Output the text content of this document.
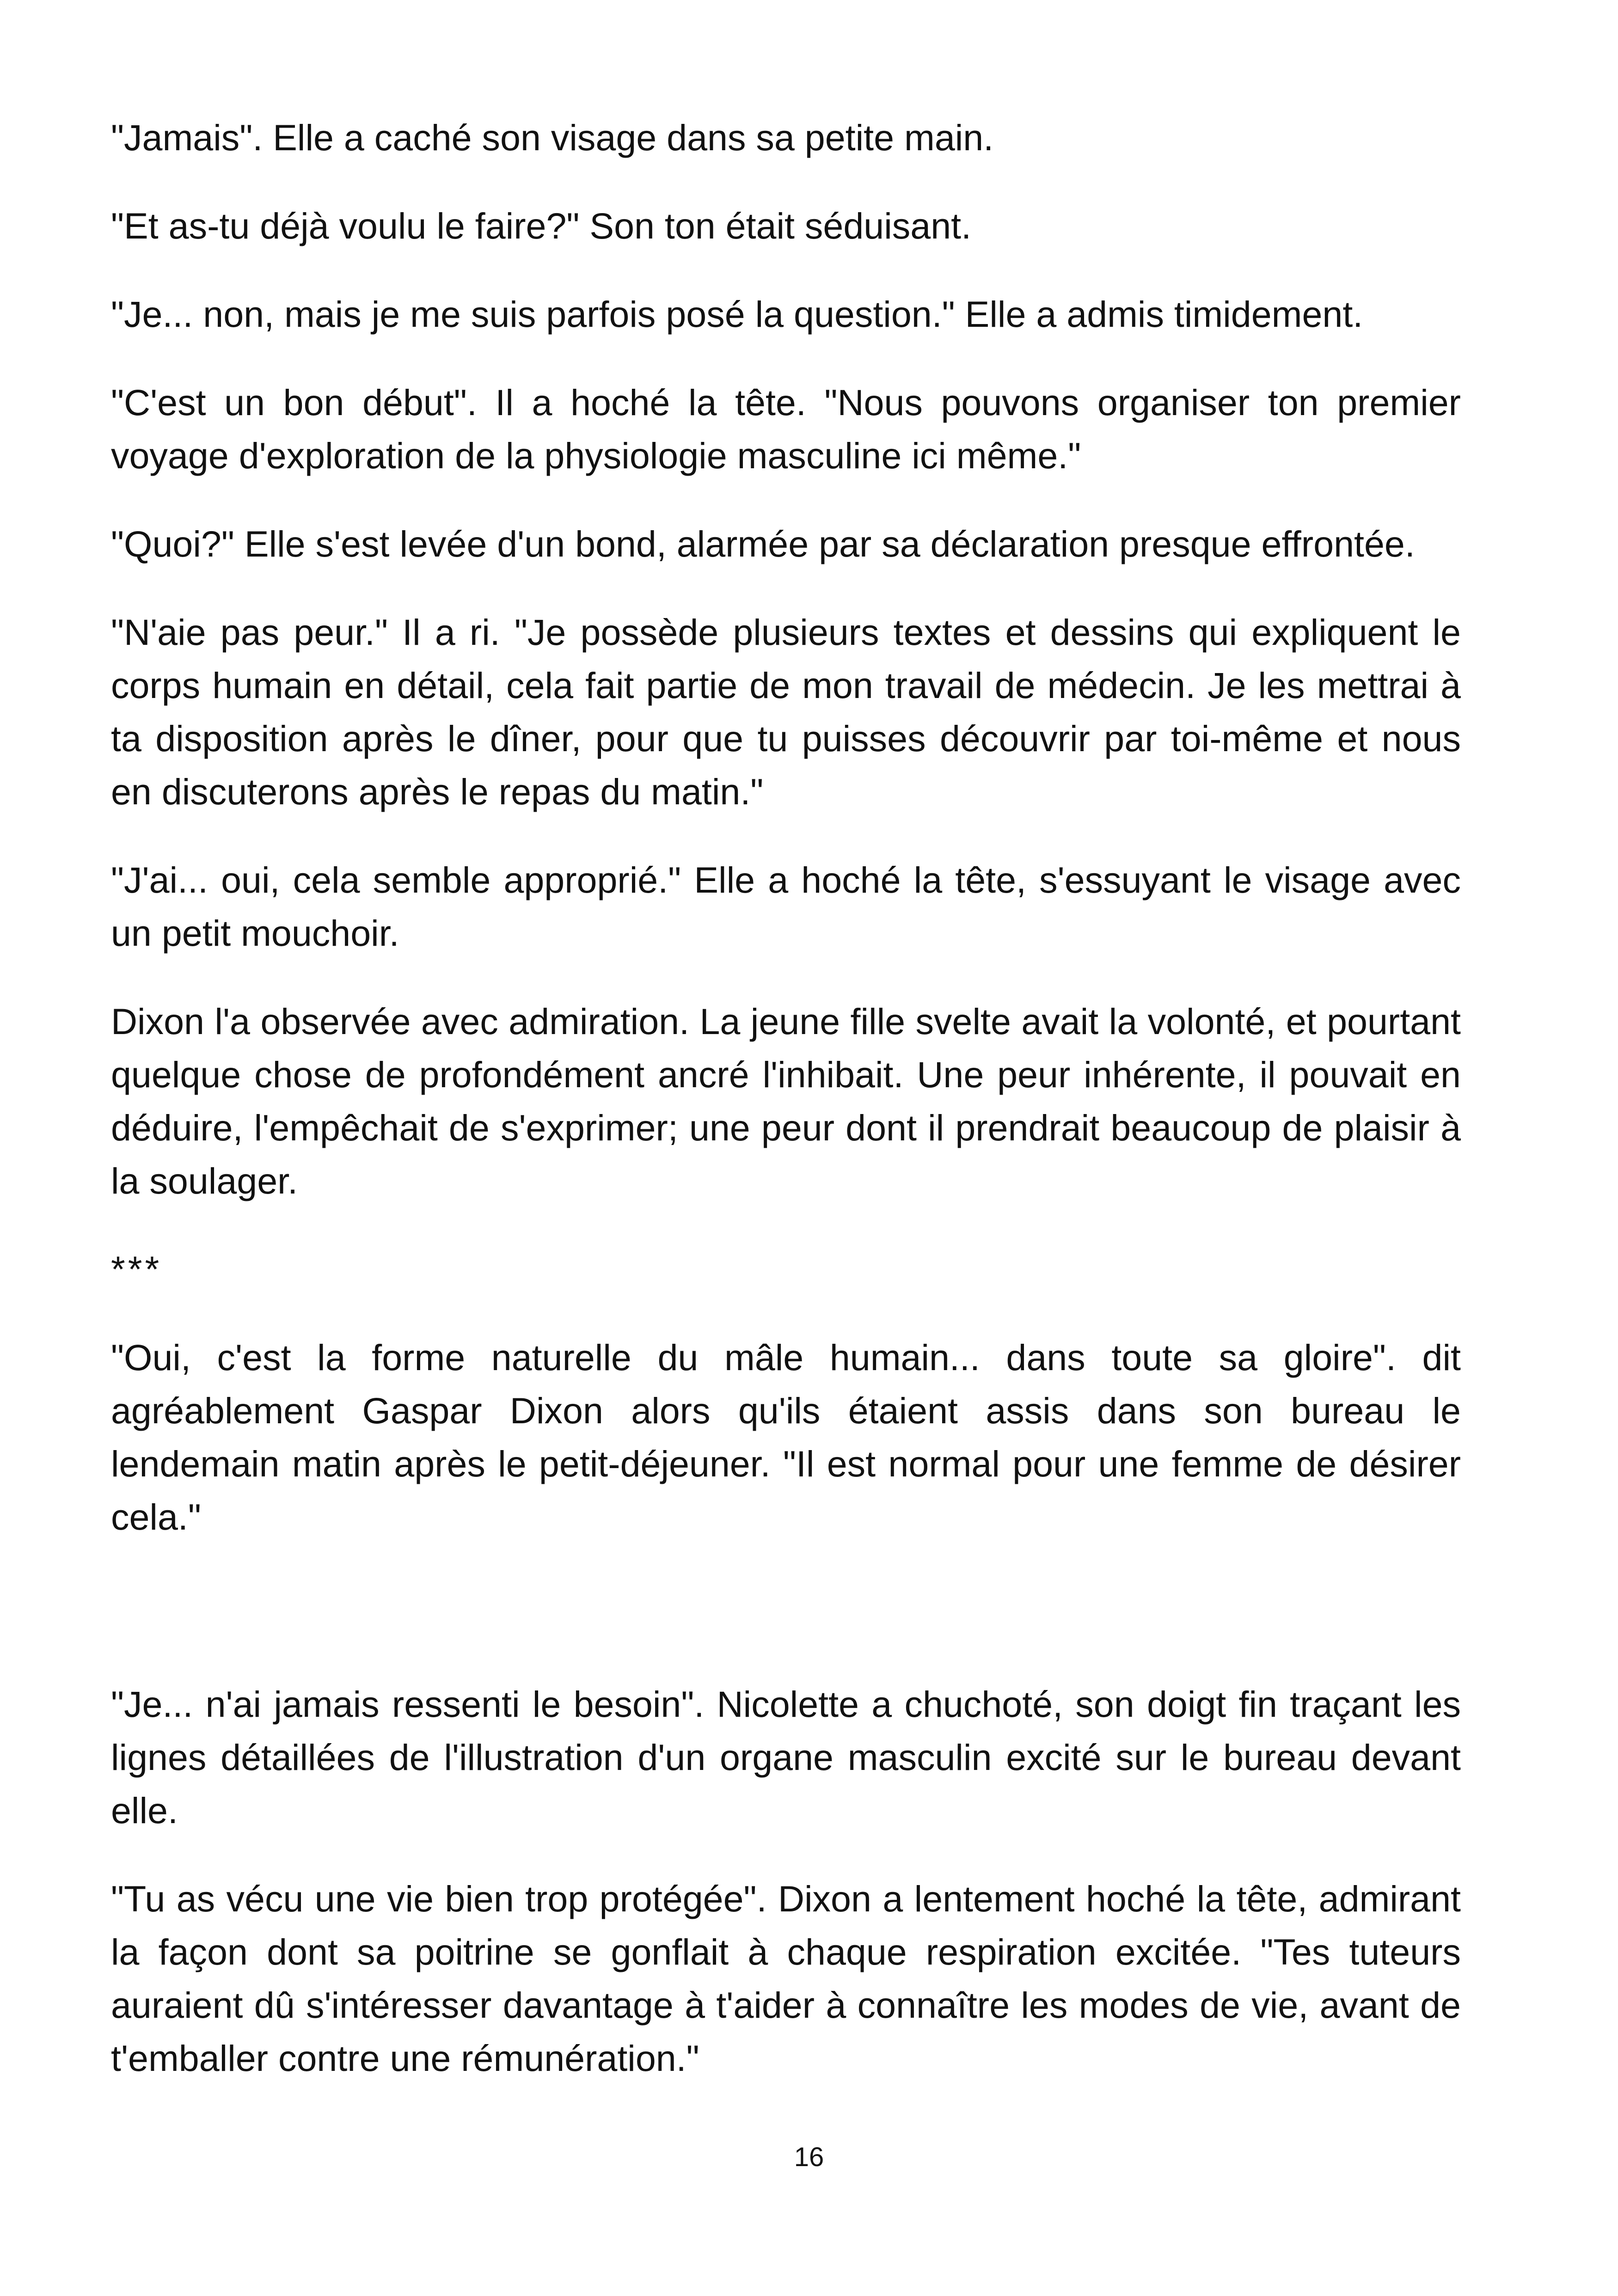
"Jamais". Elle a caché son visage dans sa petite main.

"Et as-tu déjà voulu le faire?" Son ton était séduisant.

"Je... non, mais je me suis parfois posé la question." Elle a admis timidement.

"C'est un bon début". Il a hoché la tête. "Nous pouvons organiser ton premier voyage d'exploration de la physiologie masculine ici même."

"Quoi?" Elle s'est levée d'un bond, alarmée par sa déclaration presque effrontée.

"N'aie pas peur." Il a ri. "Je possède plusieurs textes et dessins qui expliquent le corps humain en détail, cela fait partie de mon travail de médecin. Je les mettrai à ta disposition après le dîner, pour que tu puisses découvrir par toi-même et nous en discuterons après le repas du matin."

"J'ai... oui, cela semble approprié." Elle a hoché la tête, s'essuyant le visage avec un petit mouchoir.

Dixon l'a observée avec admiration. La jeune fille svelte avait la volonté, et pourtant quelque chose de profondément ancré l'inhibait. Une peur inhérente, il pouvait en déduire, l'empêchait de s'exprimer; une peur dont il prendrait beaucoup de plaisir à la soulager.

***

"Oui, c'est la forme naturelle du mâle humain... dans toute sa gloire". dit agréablement Gaspar Dixon alors qu'ils étaient assis dans son bureau le lendemain matin après le petit-déjeuner. "Il est normal pour une femme de désirer cela."

"Je... n'ai jamais ressenti le besoin". Nicolette a chuchoté, son doigt fin traçant les lignes détaillées de l'illustration d'un organe masculin excité sur le bureau devant elle.

"Tu as vécu une vie bien trop protégée". Dixon a lentement hoché la tête, admirant la façon dont sa poitrine se gonflait à chaque respiration excitée. "Tes tuteurs auraient dû s'intéresser davantage à t'aider à connaître les modes de vie, avant de t'emballer contre une rémunération."

16
